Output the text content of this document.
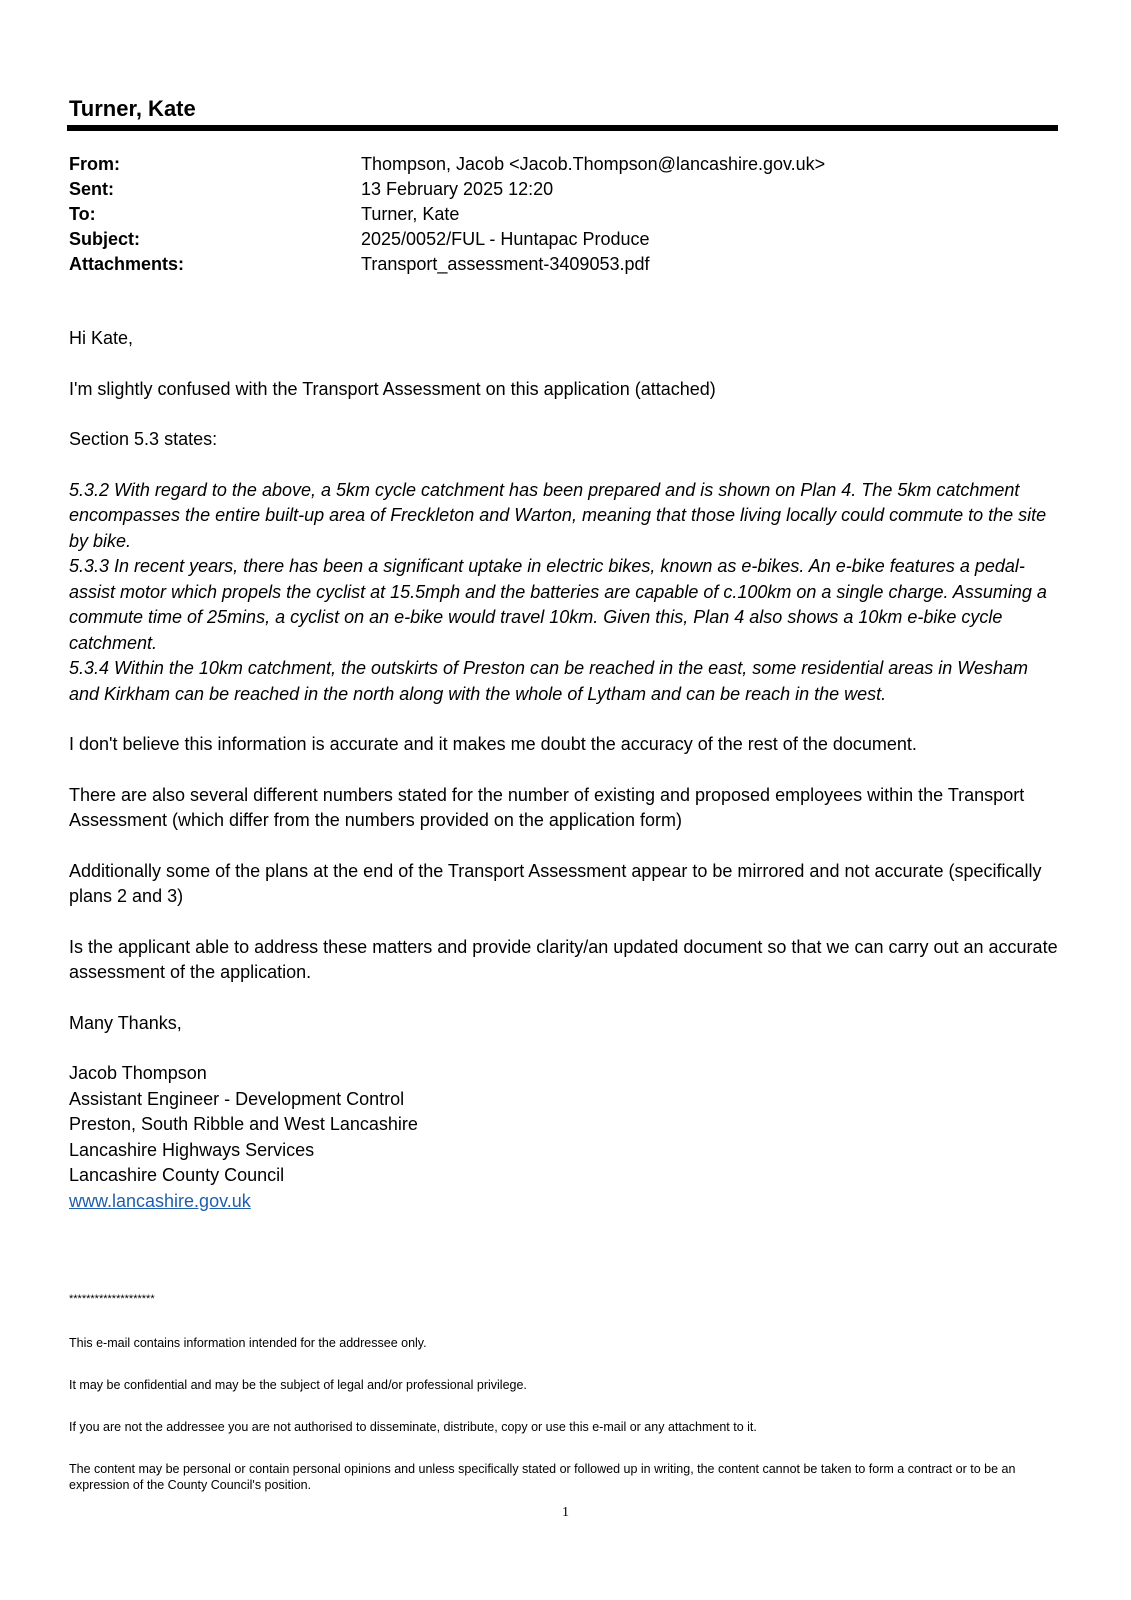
Turner, Kate
From:	Thompson, Jacob <Jacob.Thompson@lancashire.gov.uk>
Sent:	13 February 2025 12:20
To:	Turner, Kate
Subject:	2025/0052/FUL - Huntapac Produce
Attachments:	Transport_assessment-3409053.pdf

Hi Kate,

I'm slightly confused with the Transport Assessment on this application (attached)

Section 5.3 states:

5.3.2 With regard to the above, a 5km cycle catchment has been prepared and is shown on Plan 4. The 5km catchment encompasses the entire built-up area of Freckleton and Warton, meaning that those living locally could commute to the site by bike.

5.3.3 In recent years, there has been a significant uptake in electric bikes, known as e-bikes. An e-bike features a pedal-assist motor which propels the cyclist at 15.5mph and the batteries are capable of c.100km on a single charge. Assuming a commute time of 25mins, a cyclist on an e-bike would travel 10km. Given this, Plan 4 also shows a 10km e-bike cycle catchment.

5.3.4 Within the 10km catchment, the outskirts of Preston can be reached in the east, some residential areas in Wesham and Kirkham can be reached in the north along with the whole of Lytham and can be reach in the west.

I don't believe this information is accurate and it makes me doubt the accuracy of the rest of the document.

There are also several different numbers stated for the number of existing and proposed employees within the Transport Assessment (which differ from the numbers provided on the application form)

Additionally some of the plans at the end of the Transport Assessment appear to be mirrored and not accurate (specifically plans 2 and 3)

Is the applicant able to address these matters and provide clarity/an updated document so that we can carry out an accurate assessment of the application.

Many Thanks,

Jacob Thompson
Assistant Engineer - Development Control
Preston, South Ribble and West Lancashire
Lancashire Highways Services
Lancashire County Council
www.lancashire.gov.uk

********************

This e-mail contains information intended for the addressee only.

It may be confidential and may be the subject of legal and/or professional privilege.

If you are not the addressee you are not authorised to disseminate, distribute, copy or use this e-mail or any attachment to it.

The content may be personal or contain personal opinions and unless specifically stated or followed up in writing, the content cannot be taken to form a contract or to be an expression of the County Council's position.

1
